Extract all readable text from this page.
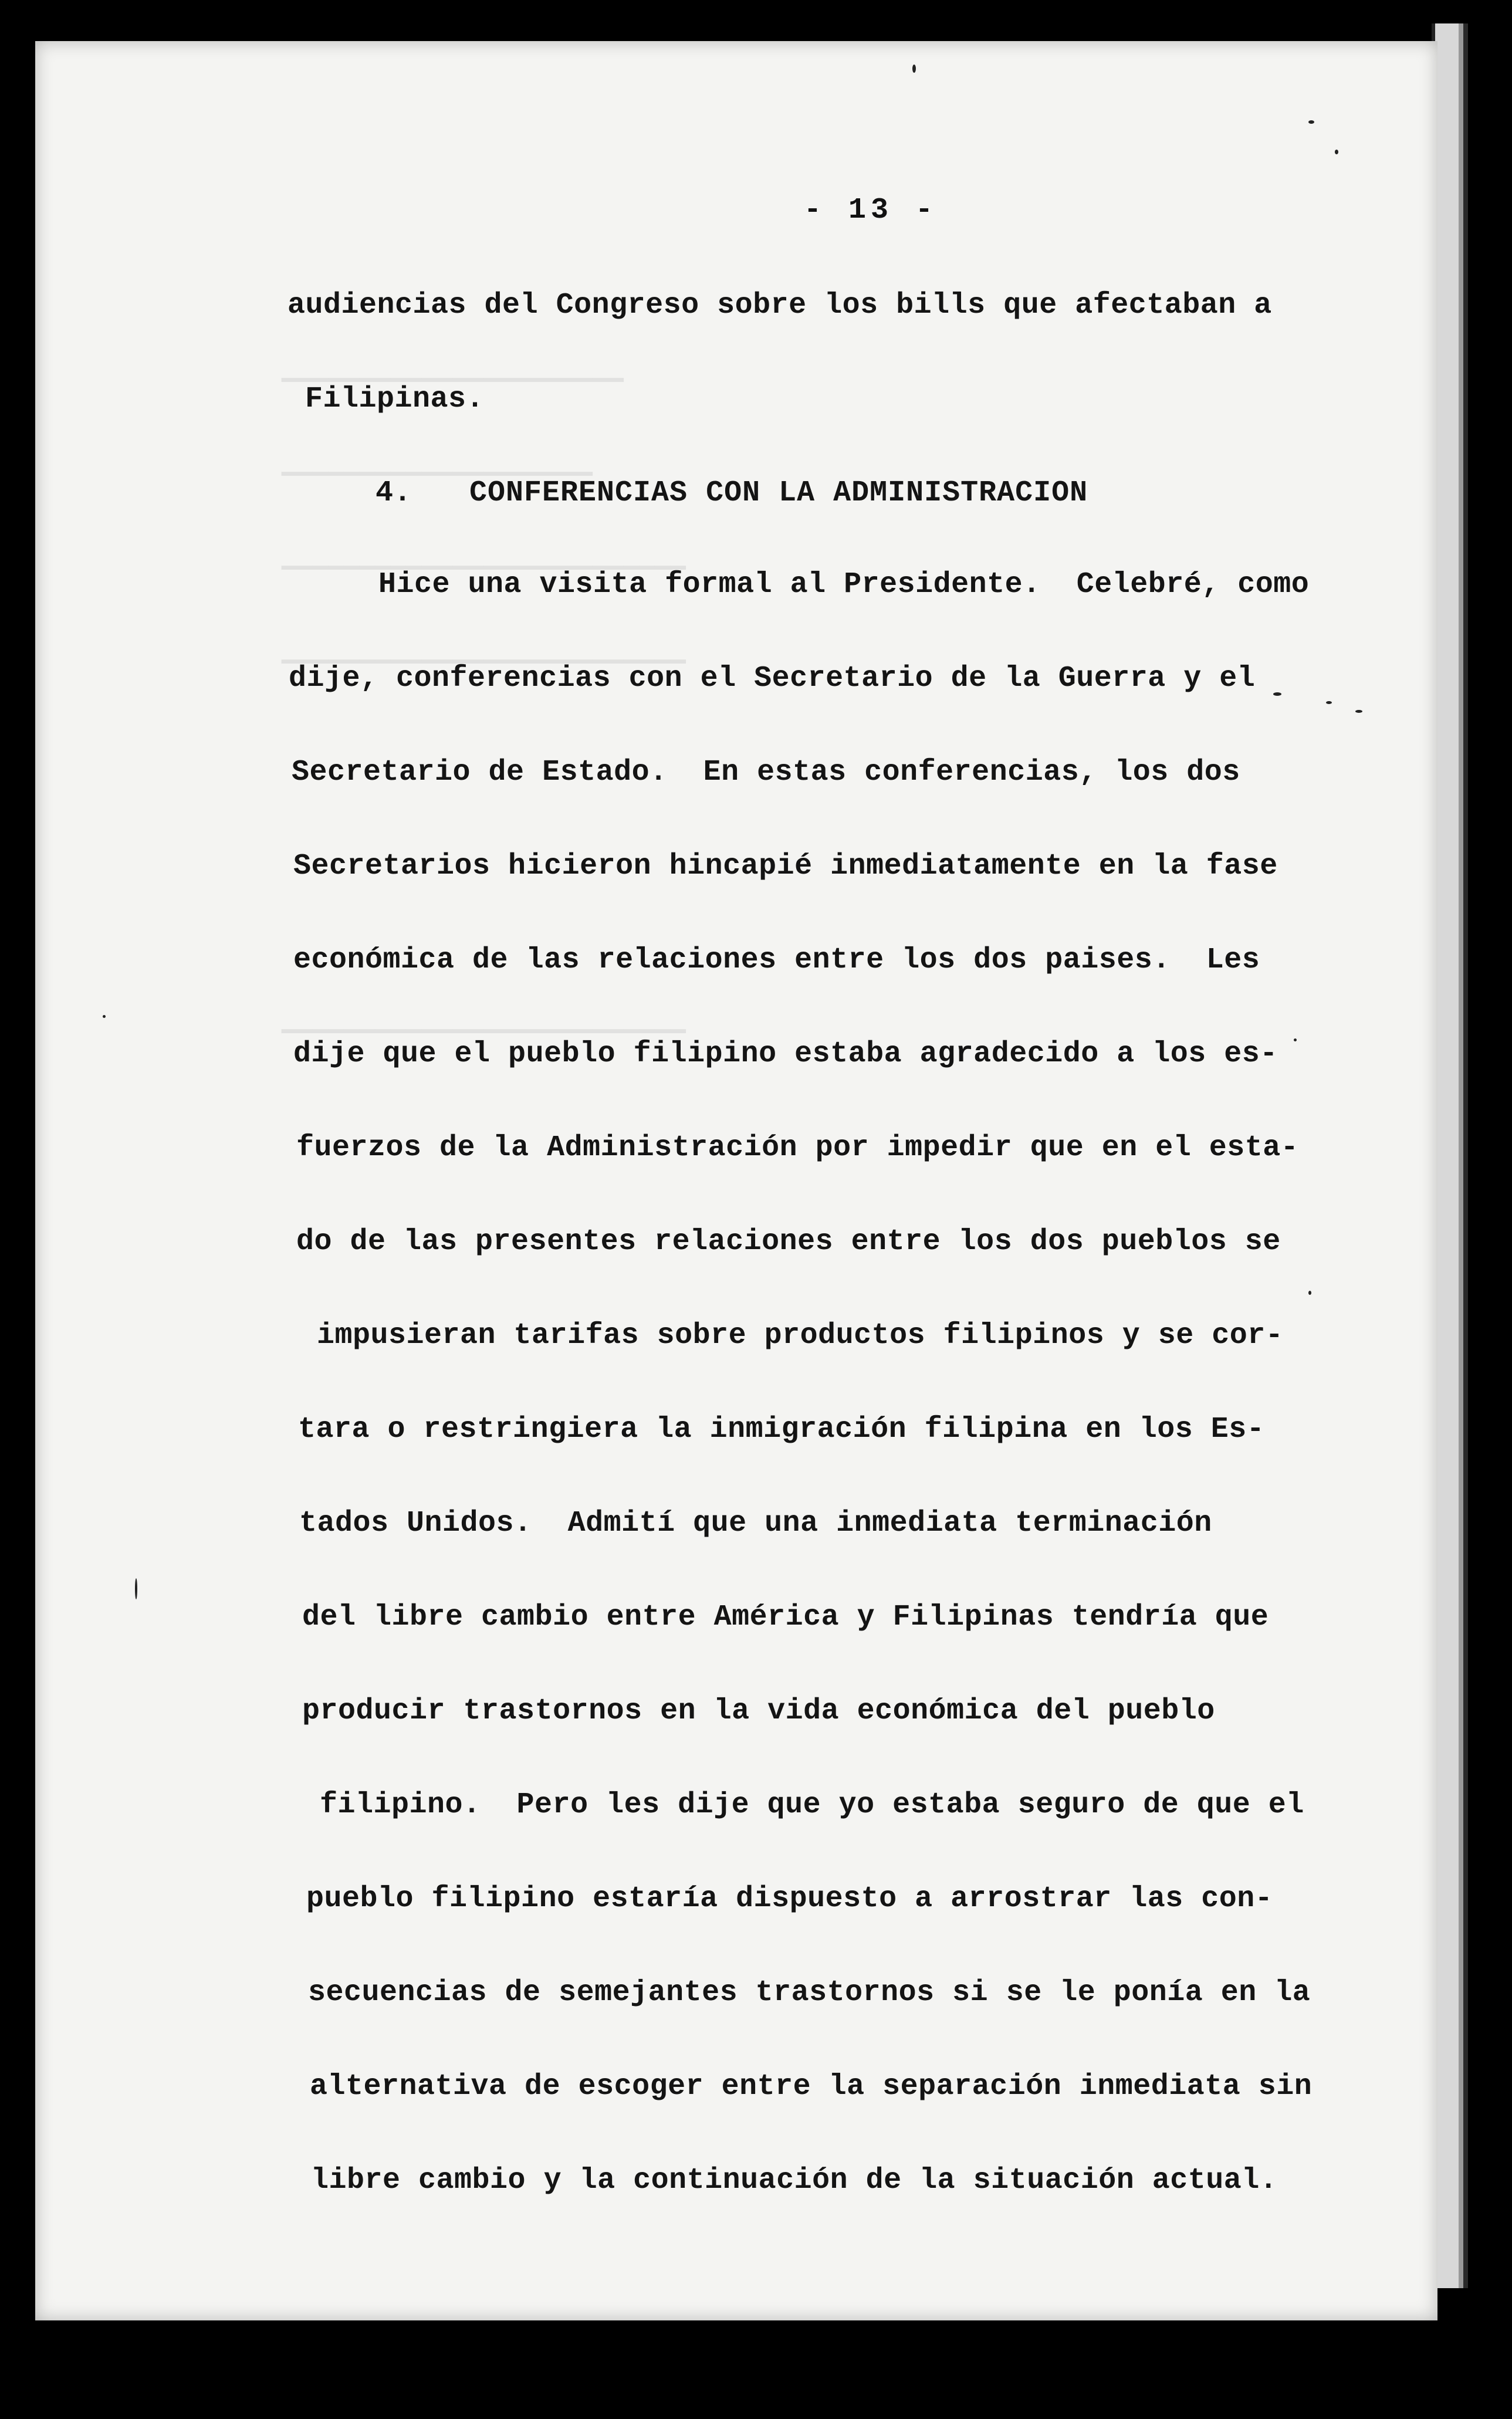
▁▁▁▁▁▁▁▁▁▁▁▁▁▁▁▁▁▁▁▁▁▁
▁▁▁▁▁▁▁▁▁▁▁▁▁▁▁▁▁▁▁▁
▁▁▁▁▁▁▁▁▁▁▁▁▁▁▁▁▁▁▁▁▁▁▁▁▁▁
▁▁▁▁▁▁▁▁▁▁▁▁▁▁▁▁▁▁▁▁▁▁▁▁▁▁
▁▁▁▁▁▁▁▁▁▁▁▁▁▁▁▁▁▁▁▁▁▁▁▁▁▁
- 13 -
audiencias del Congreso sobre los bills que afectaban a
Filipinas.
4. CONFERENCIAS CON LA ADMINISTRACION
Hice una visita formal al Presidente.  Celebré, como
dije, conferencias con el Secretario de la Guerra y el
Secretario de Estado.  En estas conferencias, los dos
Secretarios hicieron hincapié inmediatamente en la fase
económica de las relaciones entre los dos paises.  Les
dije que el pueblo filipino estaba agradecido a los es-
fuerzos de la Administración por impedir que en el esta-
do de las presentes relaciones entre los dos pueblos se
impusieran tarifas sobre productos filipinos y se cor-
tara o restringiera la inmigración filipina en los Es-
tados Unidos.  Admití que una inmediata terminación
del libre cambio entre América y Filipinas tendría que
producir trastornos en la vida económica del pueblo
filipino.  Pero les dije que yo estaba seguro de que el
pueblo filipino estaría dispuesto a arrostrar las con-
secuencias de semejantes trastornos si se le ponía en la
alternativa de escoger entre la separación inmediata sin
libre cambio y la continuación de la situación actual.
